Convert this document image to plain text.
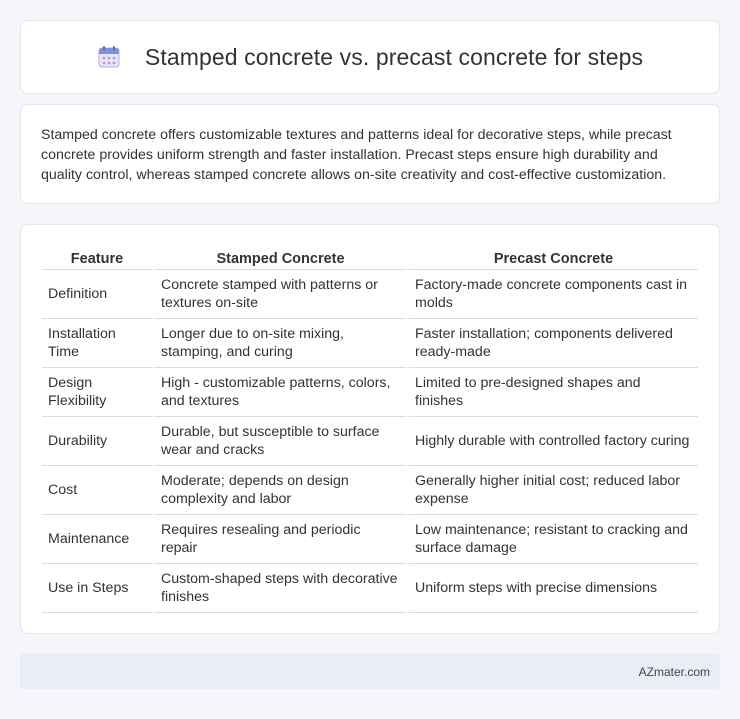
Stamped concrete vs. precast concrete for steps

Stamped concrete offers customizable textures and patterns ideal for decorative steps, while precast concrete provides uniform strength and faster installation. Precast steps ensure high durability and quality control, whereas stamped concrete allows on-site creativity and cost-effective customization.

Feature	Stamped Concrete	Precast Concrete
Definition	Concrete stamped with patterns or textures on-site	Factory-made concrete components cast in molds
Installation Time	Longer due to on-site mixing, stamping, and curing	Faster installation; components delivered ready-made
Design Flexibility	High - customizable patterns, colors, and textures	Limited to pre-designed shapes and finishes
Durability	Durable, but susceptible to surface wear and cracks	Highly durable with controlled factory curing
Cost	Moderate; depends on design complexity and labor	Generally higher initial cost; reduced labor expense
Maintenance	Requires resealing and periodic repair	Low maintenance; resistant to cracking and surface damage
Use in Steps	Custom-shaped steps with decorative finishes	Uniform steps with precise dimensions
AZmater.com
